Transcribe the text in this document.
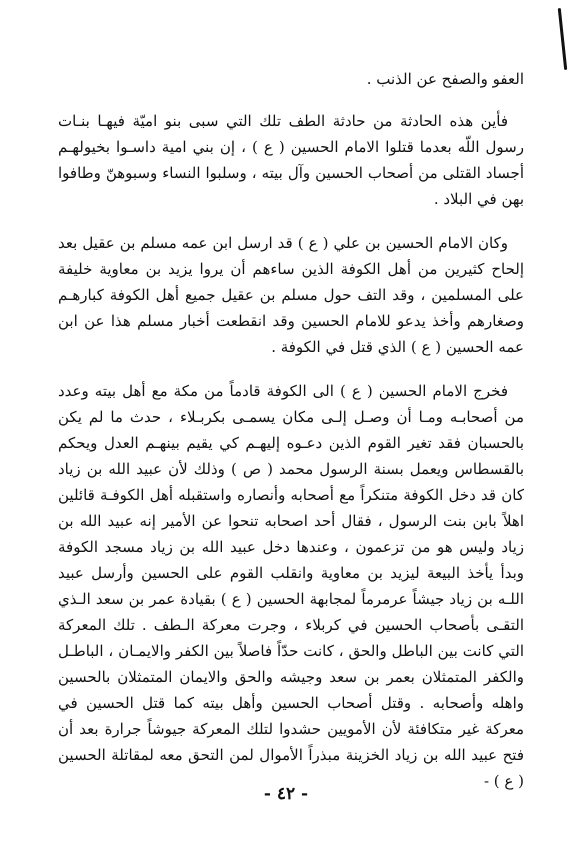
العفو والصفح عن الذنب .

فأين هذه الحادثة من حادثة الطف تلك التي سبى بنو اميّة فيهـا بنـات رسول اللّه بعدما قتلوا الامام الحسين ( ع ) ، إن بني امية داسـوا بخيولهـم أجساد القتلى من أصحاب الحسين وآل بيته ، وسلبوا النساء وسبوهنّ وطافوا بهن في البلاد .

وكان الامام الحسين بن علي ( ع ) قد ارسل ابن عمه مسلم بن عقيل بعد إلحاح كثيرين من أهل الكوفة الذين ساءهم أن يروا يزيد بن معاوية خليفة على المسلمين ، وقد التف حول مسلم بن عقيل جميع أهل الكوفة كبارهـم وصغارهم وأخذ يدعو للامام الحسين وقد انقطعت أخبار مسلم هذا عن ابن عمه الحسين ( ع ) الذي قتل في الكوفة .

فخرج الامام الحسين ( ع ) الى الكوفة قادماً من مكة مع أهل بيته وعدد من أصحابـه ومـا أن وصـل إلـى مكان يسمـى بكربـلاء ، حدث ما لم يكن بالحسبان فقد تغير القوم الذين دعـوه إليهـم كي يقيم بينهـم العدل ويحكم بالقسطاس ويعمل بسنة الرسول محمد ( ص ) وذلك لأن عبيد الله بن زياد كان قد دخل الكوفة متنكراً مع أصحابه وأنصاره واستقبله أهل الكوفـة قائلين اهلاً بابن بنت الرسول ، فقال أحد اصحابه تنحوا عن الأمير إنه عبيد الله بن زياد وليس هو من تزعمون ، وعندها دخل عبيد الله بن زياد مسجد الكوفة وبدأ يأخذ البيعة ليزيد بن معاوية وانقلب القوم على الحسين وأرسل عبيد اللـه بن زياد جيشاً عرمرماً لمجابهة الحسين ( ع ) بقيادة عمر بن سعد الـذي التقـى بأصحاب الحسين في كربلاء ، وجرت معركة الـطف . تلك المعركة التي كانت بين الباطل والحق ، كانت حدّاً فاصلاً بين الكفر والايمـان ، الباطـل والكفر المتمثلان بعمر بن سعد وجيشه والحق والايمان المتمثلان بالحسين واهله وأصحابه . وقتل أصحاب الحسين وأهل بيته كما قتل الحسين في معركة غير متكافئة لأن الأمويين حشدوا لتلك المعركة جيوشاً جرارة بعد أن فتح عبيد الله بن زياد الخزينة مبذراً الأموال لمن التحق معه لمقاتلة الحسين ( ع ) -

- ٤٢ -
